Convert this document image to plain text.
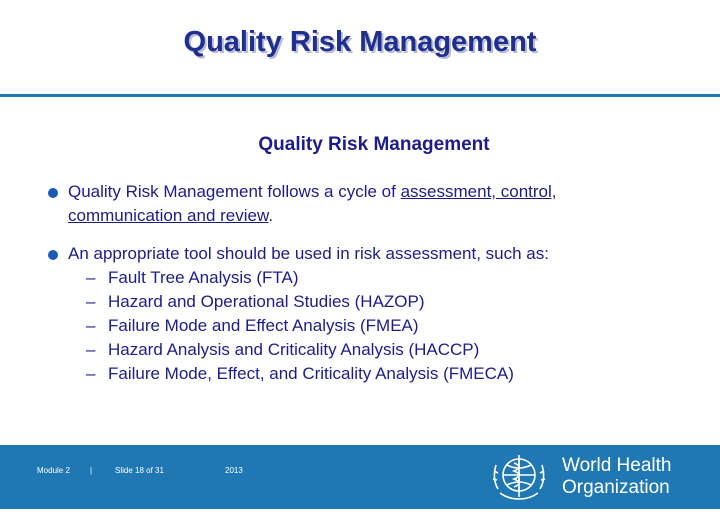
Quality Risk Management
Quality Risk Management
Quality Risk Management follows a cycle of assessment, control, communication and review.
An appropriate tool should be used in risk assessment, such as:
– Fault Tree Analysis (FTA)
– Hazard and Operational Studies (HAZOP)
– Failure Mode and Effect Analysis (FMEA)
– Hazard Analysis and Criticality Analysis (HACCP)
– Failure Mode, Effect, and Criticality Analysis (FMECA)

Module 2

	|

	Slide 18 of 31

	2013

	World Health
Organization
